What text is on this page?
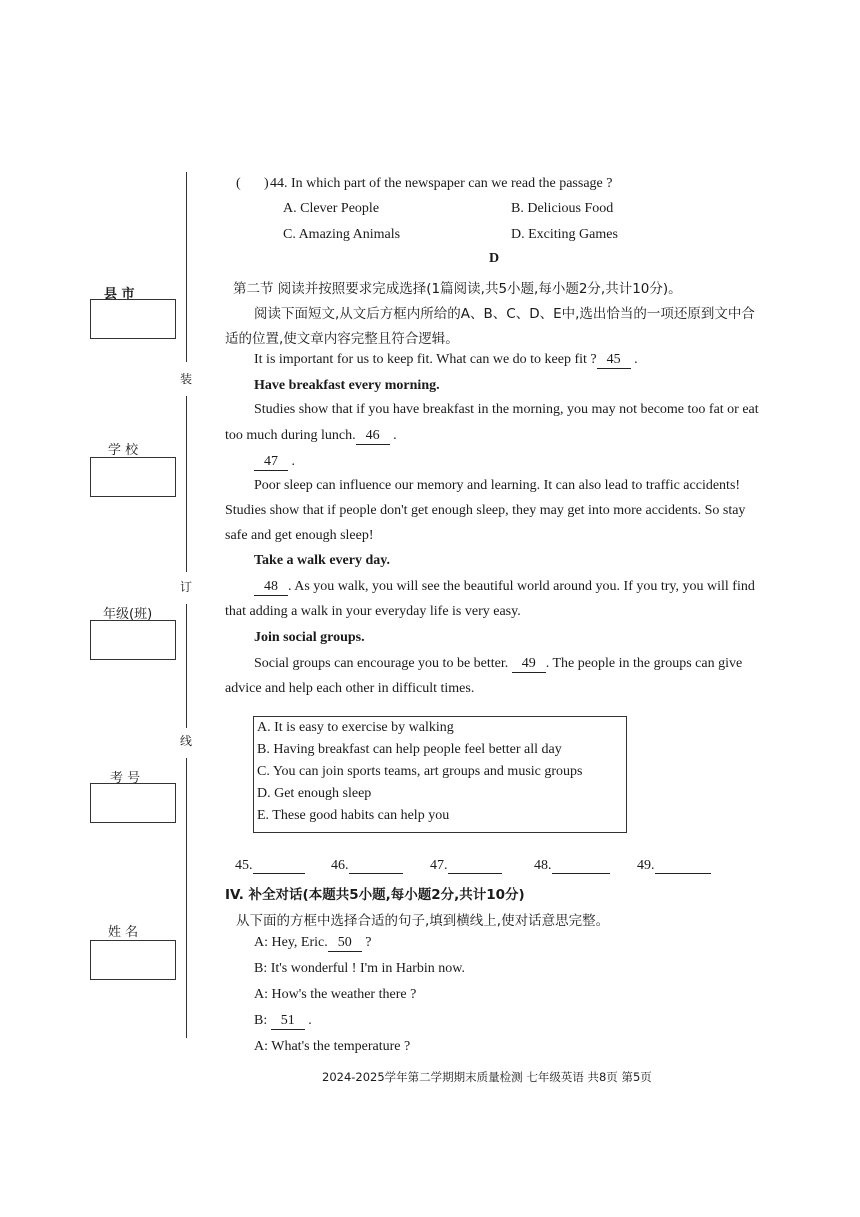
装
订
线
县 市
学 校
年级(班)
考 号
姓 名
( ) 44. In which part of the newspaper can we read the passage ?
A. Clever People	B. Delicious Food
C. Amazing Animals	D. Exciting Games
D
第二节 阅读并按照要求完成选择(1篇阅读,共5小题,每小题2分,共计10分)。
阅读下面短文,从文后方框内所给的A、B、C、D、E中,选出恰当的一项还原到文中合
适的位置,使文章内容完整且符合逻辑。
It is important for us to keep fit. What can we do to keep fit ? 45 .
Have breakfast every morning.
Studies show that if you have breakfast in the morning, you may not become too fat or eat
too much during lunch. 46 .
47 .
Poor sleep can influence our memory and learning. It can also lead to traffic accidents!
Studies show that if people don't get enough sleep, they may get into more accidents. So stay
safe and get enough sleep!
Take a walk every day.
48 . As you walk, you will see the beautiful world around you. If you try, you will find
that adding a walk in your everyday life is very easy.
Join social groups.
Social groups can encourage you to be better. 49 . The people in the groups can give
advice and help each other in difficult times.
A. It is easy to exercise by walking
B. Having breakfast can help people feel better all day
C. You can join sports teams, art groups and music groups
D. Get enough sleep
E. These good habits can help you
45.	46.	47.	48.	49.
IV. 补全对话(本题共5小题,每小题2分,共计10分)
从下面的方框中选择合适的句子,填到横线上,使对话意思完整。
A: Hey, Eric. 50 ?
B: It's wonderful ! I'm in Harbin now.
A: How's the weather there ?
B: 51 .
A: What's the temperature ?
2024-2025学年第二学期期末质量检测 七年级英语 共8页 第5页
